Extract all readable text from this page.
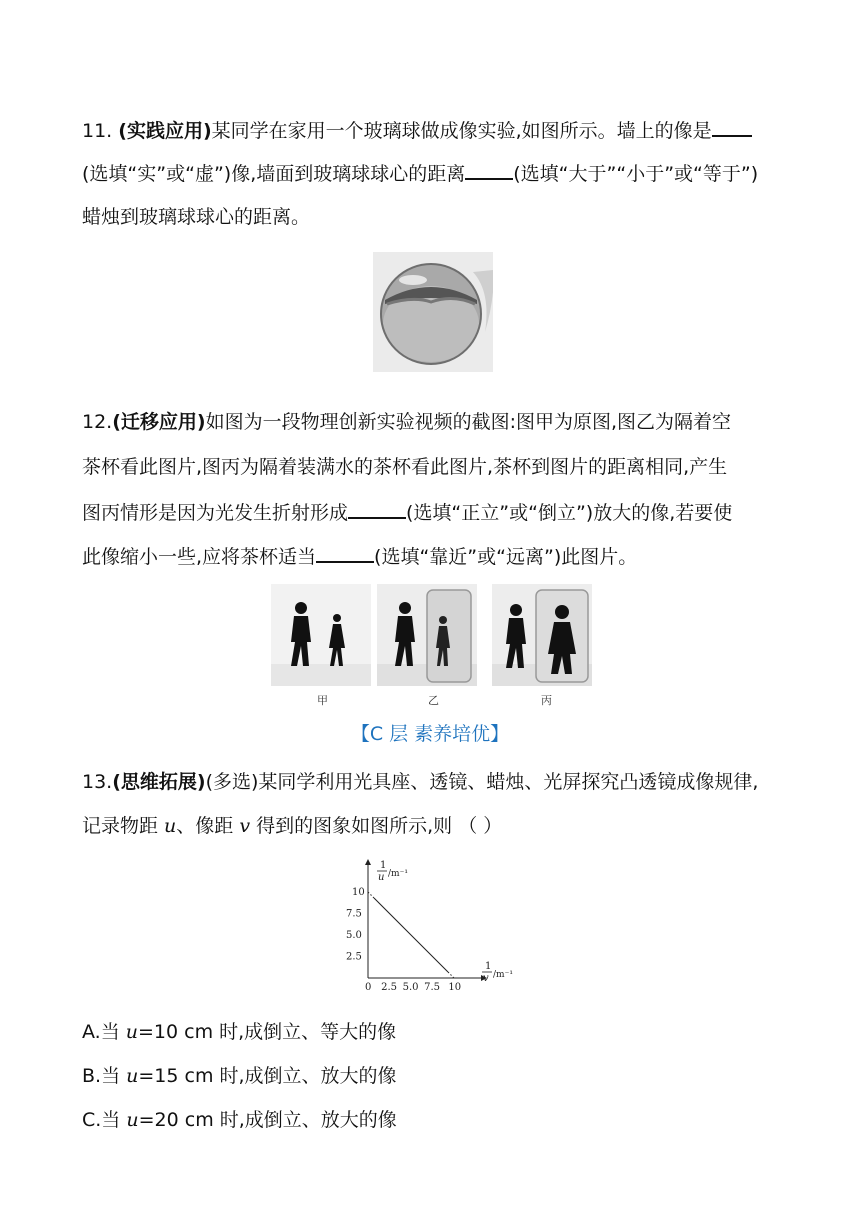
11. (实践应用)某同学在家用一个玻璃球做成像实验,如图所示。墙上的像是
(选填“实”或“虚”)像,墙面到玻璃球球心的距离	(选填“大于”“小于”或“等于”)
蜡烛到玻璃球球心的距离。
12.(迁移应用)如图为一段物理创新实验视频的截图:图甲为原图,图乙为隔着空
茶杯看此图片,图丙为隔着装满水的茶杯看此图片,茶杯到图片的距离相同,产生
图丙情形是因为光发生折射形成	(选填“正立”或“倒立”)放大的像,若要使
此像缩小一些,应将茶杯适当	(选填“靠近”或“远离”)此图片。
甲	乙	丙
【C 层 素养培优】
13.(思维拓展)(多选)某同学利用光具座、透镜、蜡烛、光屏探究凸透镜成像规律,
记录物距 u、像距 v 得到的图象如图所示,则 （ ）
1
u /m⁻¹
1
v /m⁻¹
0 2.5 5.0 7.5 10
2.5
5.0
7.5
10
A.当 u=10 cm 时,成倒立、等大的像
B.当 u=15 cm 时,成倒立、放大的像
C.当 u=20 cm 时,成倒立、放大的像
